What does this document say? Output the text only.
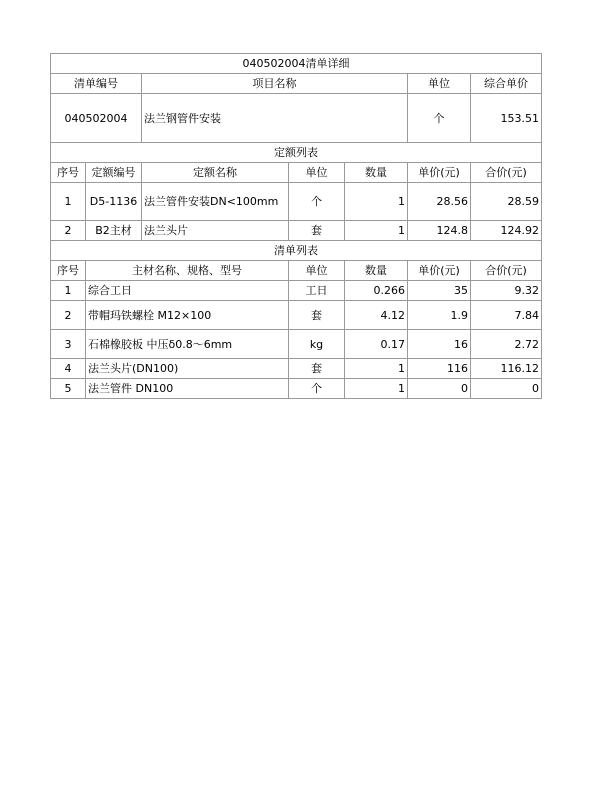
040502004清单详细						
清单编号		项目名称			单位	综合单价
040502004		法兰钢管件安装			个	153.51
定额列表						
序号	定额编号	定额名称	单位	数量	单价(元)	合价(元)
1	D5-1136	法兰管件安装DN<100mm	个	1	28.56	28.59
2	B2主材	法兰头片	套	1	124.8	124.92
清单列表						
序号	主材名称、规格、型号		单位	数量	单价(元)	合价(元)
1	综合工日		工日	0.266	35	9.32
2	带帽玛铁螺栓 M12×100		套	4.12	1.9	7.84
3	石棉橡胶板 中压δ0.8～6mm		kg	0.17	16	2.72
4	法兰头片(DN100)		套	1	116	116.12
5	法兰管件 DN100		个	1	0	0
